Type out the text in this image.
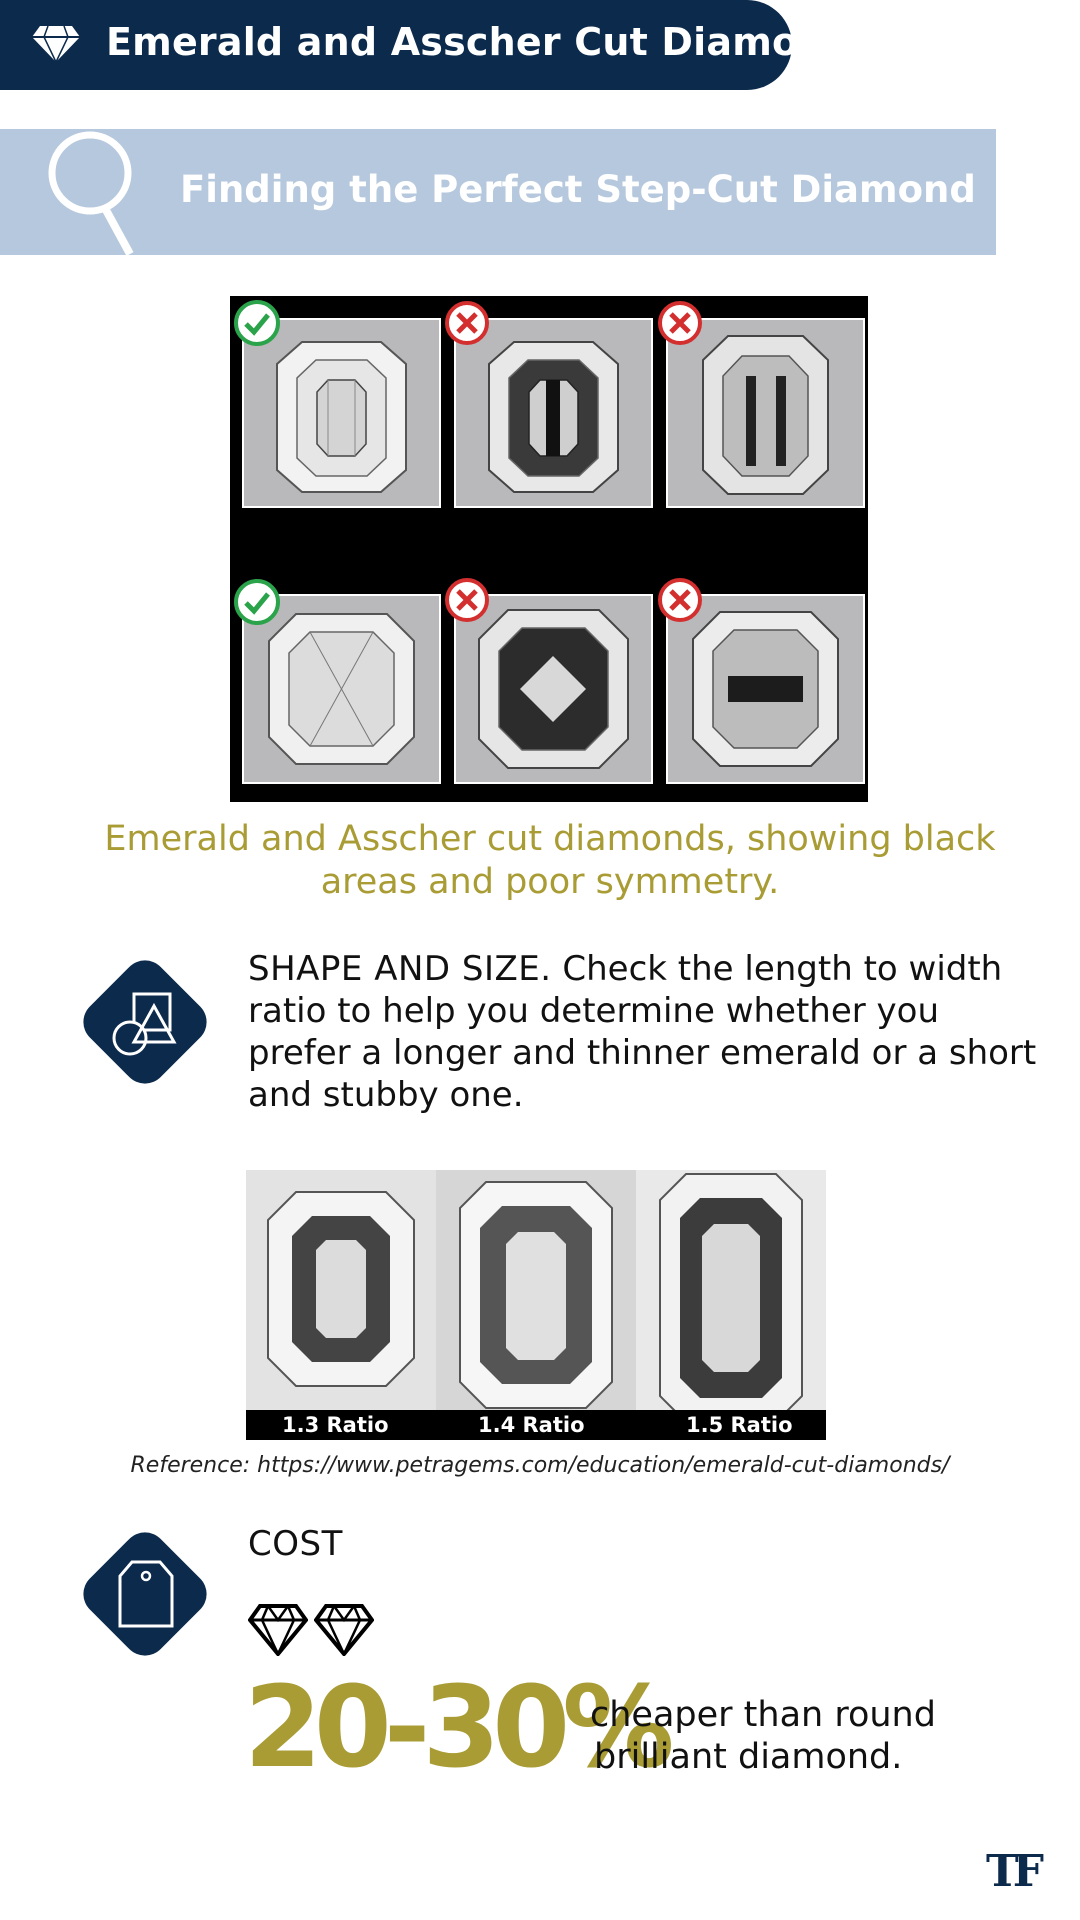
Emerald and Asscher Cut Diamond
Finding the Perfect Step-Cut Diamond
Emerald and Asscher cut diamonds, showing black areas and poor symmetry.
SHAPE AND SIZE. Check the length to width ratio to help you determine whether you prefer a longer and thinner emerald or a short and stubby one.
1.3 Ratio	1.4 Ratio	1.5 Ratio
Reference: https://www.petragems.com/education/emerald-cut-diamonds/
COST
20-30%
cheaper than round
brilliant diamond.
TF
